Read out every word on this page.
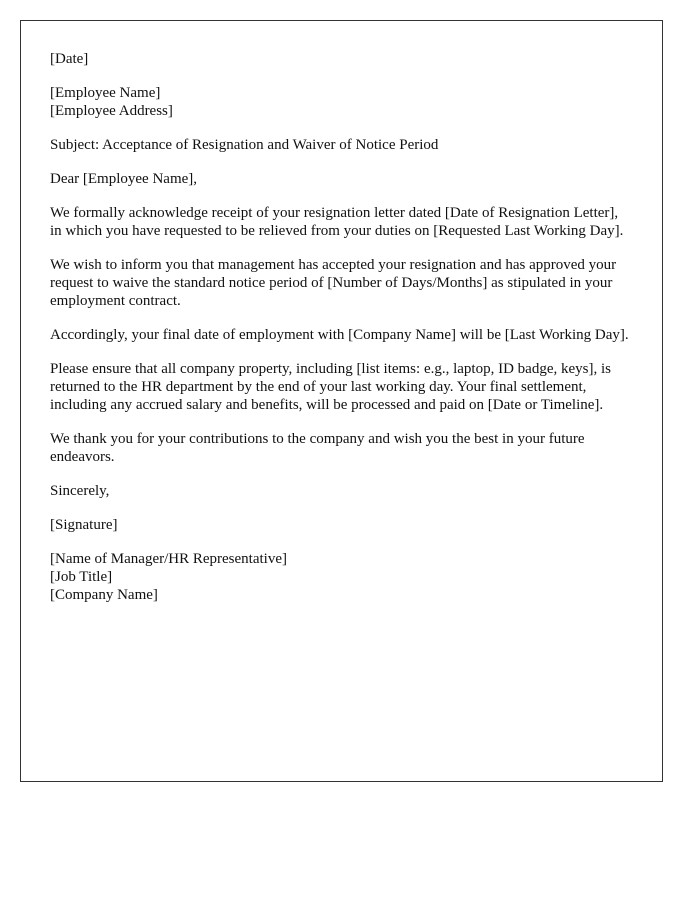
[Date]

[Employee Name]
[Employee Address]

Subject: Acceptance of Resignation and Waiver of Notice Period

Dear [Employee Name],

We formally acknowledge receipt of your resignation letter dated [Date of Resignation Letter], in which you have requested to be relieved from your duties on [Requested Last Working Day].

We wish to inform you that management has accepted your resignation and has approved your request to waive the standard notice period of [Number of Days/Months] as stipulated in your employment contract.

Accordingly, your final date of employment with [Company Name] will be [Last Working Day].

Please ensure that all company property, including [list items: e.g., laptop, ID badge, keys], is returned to the HR department by the end of your last working day. Your final settlement, including any accrued salary and benefits, will be processed and paid on [Date or Timeline].

We thank you for your contributions to the company and wish you the best in your future endeavors.

Sincerely,

[Signature]

[Name of Manager/HR Representative]
[Job Title]
[Company Name]
